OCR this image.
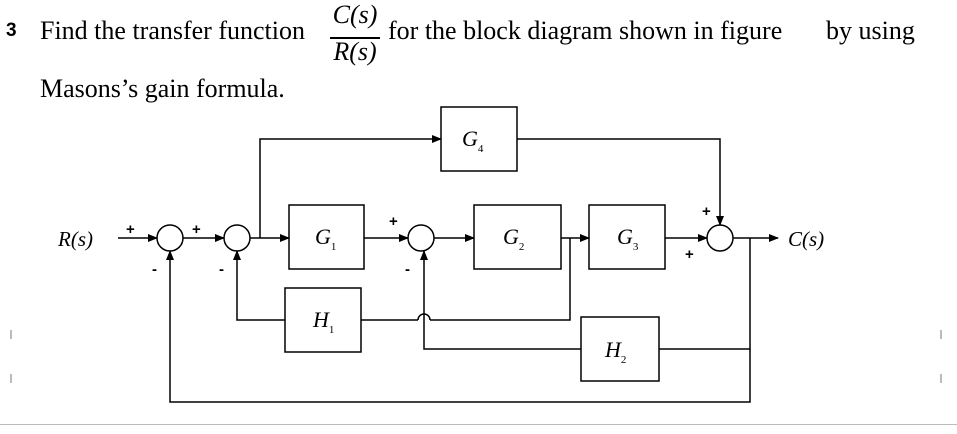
3 Find the transfer function
C(s)
R(s)
for the block diagram shown in figure by using
Masons’s gain formula.
$G_4$
$G_1$	$G_2$	$G_3$
$H_1$
$H_2$
R(s)	C(s)
+
-
+
-
+
-
+
+
